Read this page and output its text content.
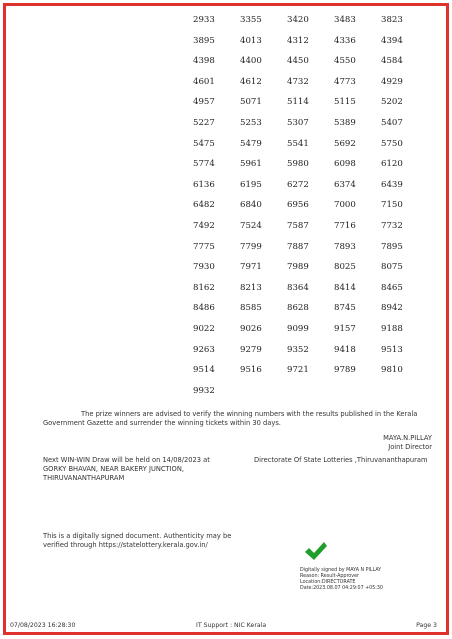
2933	3355	3420	3483	3823
3895	4013	4312	4336	4394
4398	4400	4450	4550	4584
4601	4612	4732	4773	4929
4957	5071	5114	5115	5202
5227	5253	5307	5389	5407
5475	5479	5541	5692	5750
5774	5961	5980	6098	6120
6136	6195	6272	6374	6439
6482	6840	6956	7000	7150
7492	7524	7587	7716	7732
7775	7799	7887	7893	7895
7930	7971	7989	8025	8075
8162	8213	8364	8414	8465
8486	8585	8628	8745	8942
9022	9026	9099	9157	9188
9263	9279	9352	9418	9513
9514	9516	9721	9789	9810
9932
The prize winners are advised to verify the winning numbers with the results published in the Kerala
Government Gazette and surrender the winning tickets within 30 days.
MAYA.N.PILLAY
Joint Director
Directorate Of State Lotteries ,Thiruvananthapuram
Next WIN-WIN Draw will be held on 14/08/2023 at
GORKY BHAVAN, NEAR BAKERY JUNCTION,
THIRUVANANTHAPURAM
This is a digitally signed document. Authenticity may be
verified through https://statelottery.kerala.gov.in/
Digitally signed by MAYA N PILLAY
Reason: Result-Approver
Location:DIRECTORATE
Date:2023.08.07 04:29:07 +05:30
07/08/2023 16:28:30	IT Support : NIC Kerala	Page 3
